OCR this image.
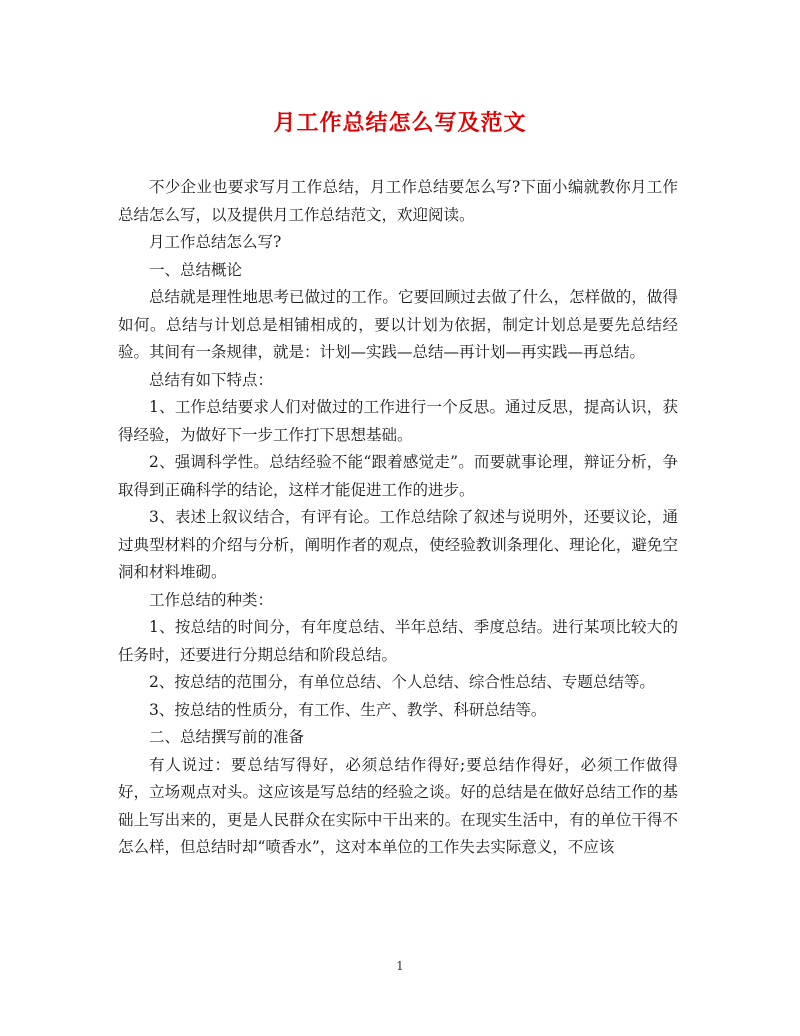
月工作总结怎么写及范文

不少企业也要求写月工作总结，月工作总结要怎么写?下面小编就教你月工作总结怎么写，以及提供月工作总结范文，欢迎阅读。

月工作总结怎么写?

一、总结概论

总结就是理性地思考已做过的工作。它要回顾过去做了什么，怎样做的，做得如何。总结与计划总是相铺相成的，要以计划为依据，制定计划总是要先总结经验。其间有一条规律，就是：计划—实践—总结—再计划—再实践—再总结。

总结有如下特点：

1、工作总结要求人们对做过的工作进行一个反思。通过反思，提高认识，获得经验，为做好下一步工作打下思想基础。

2、强调科学性。总结经验不能“跟着感觉走”。而要就事论理，辩证分析，争取得到正确科学的结论，这样才能促进工作的进步。

3、表述上叙议结合，有评有论。工作总结除了叙述与说明外，还要议论，通过典型材料的介绍与分析，阐明作者的观点，使经验教训条理化、理论化，避免空洞和材料堆砌。

工作总结的种类：

1、按总结的时间分，有年度总结、半年总结、季度总结。进行某项比较大的任务时，还要进行分期总结和阶段总结。

2、按总结的范围分，有单位总结、个人总结、综合性总结、专题总结等。

3、按总结的性质分，有工作、生产、教学、科研总结等。

二、总结撰写前的准备

有人说过：要总结写得好，必须总结作得好;要总结作得好，必须工作做得好，立场观点对头。这应该是写总结的经验之谈。好的总结是在做好总结工作的基础上写出来的，更是人民群众在实际中干出来的。在现实生活中，有的单位干得不怎么样，但总结时却“喷香水”，这对本单位的工作失去实际意义，不应该

1
